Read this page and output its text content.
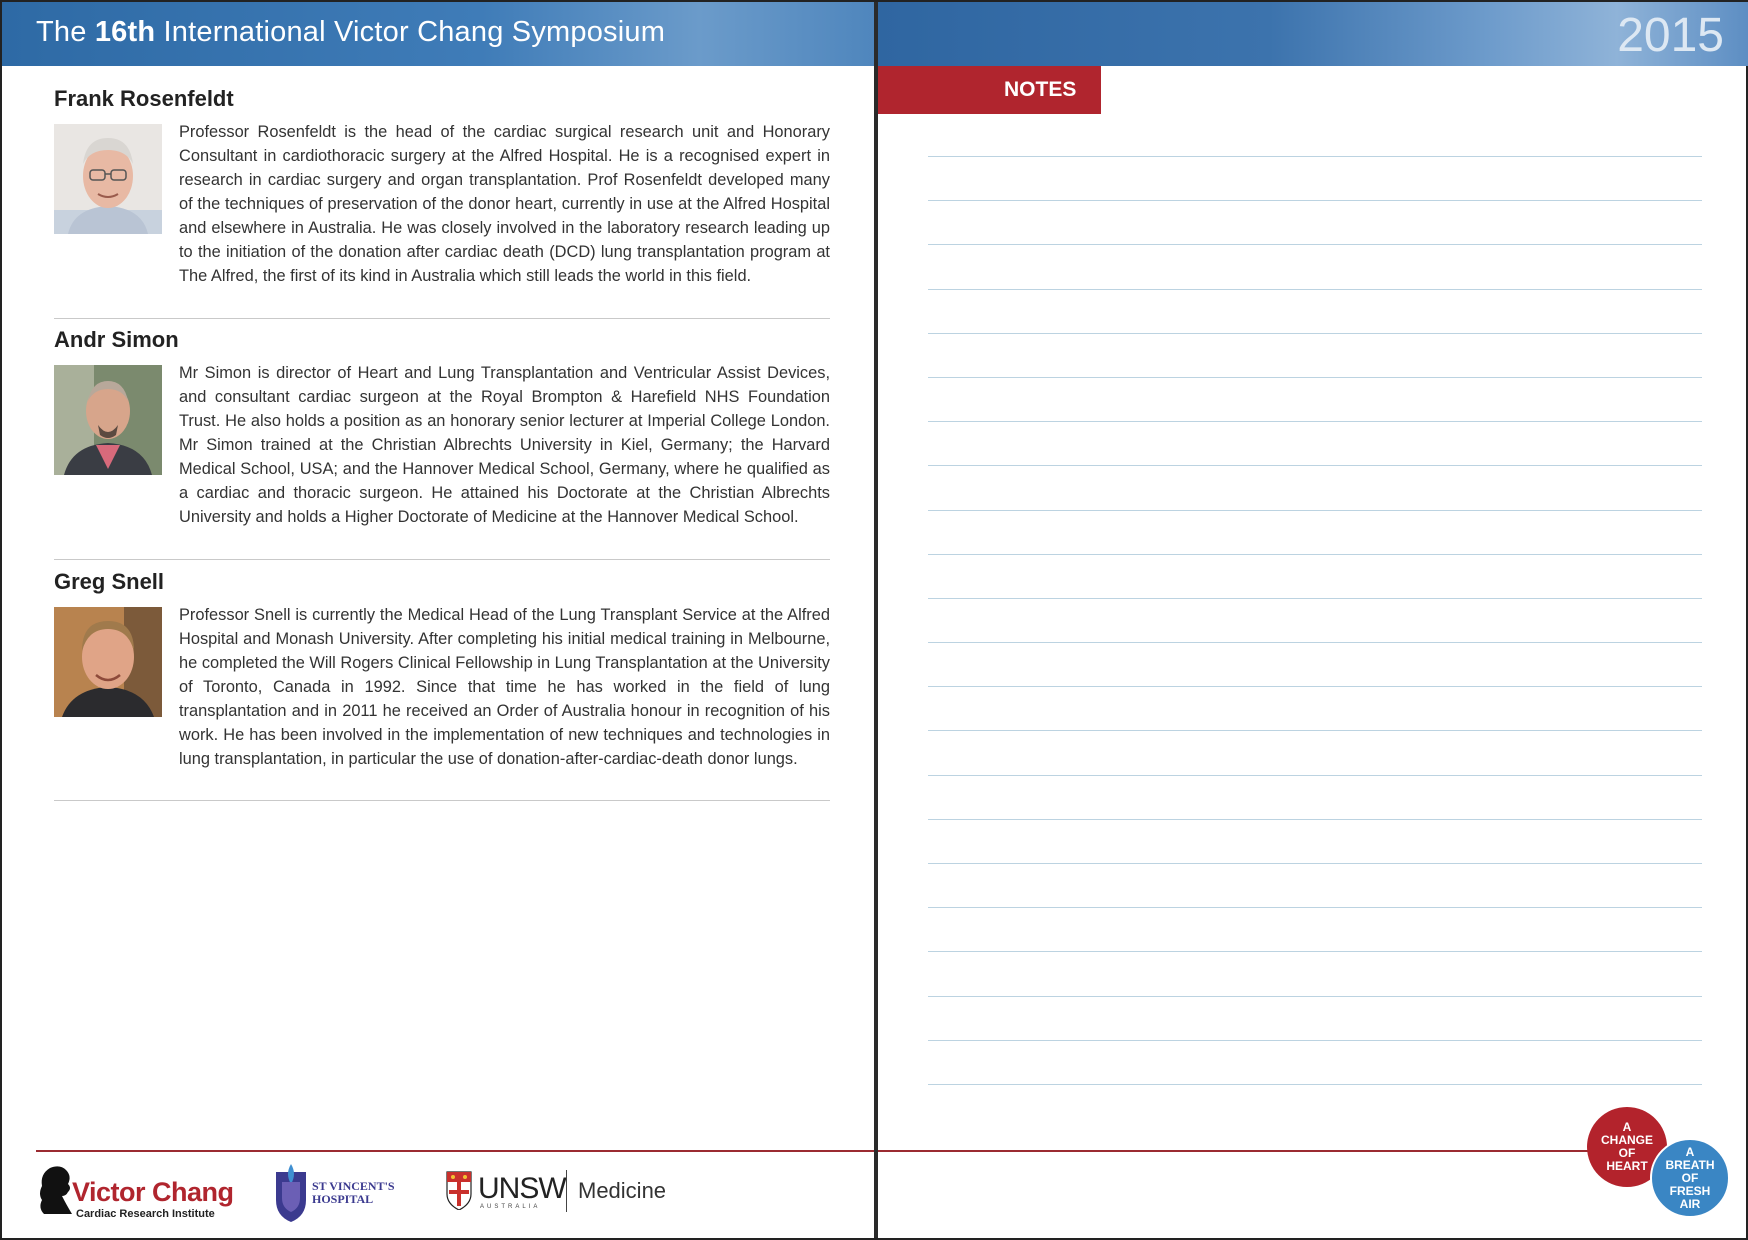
The 16th International Victor Chang Symposium
Frank Rosenfeldt

Professor Rosenfeldt is the head of the cardiac surgical research unit and Honorary Consultant in cardiothoracic surgery at the Alfred Hospital. He is a recognised expert in research in cardiac surgery and organ transplantation. Prof Rosenfeldt developed many of the techniques of preservation of the donor heart, currently in use at the Alfred Hospital and elsewhere in Australia. He was closely involved in the laboratory research leading up to the initiation of the donation after cardiac death (DCD) lung transplantation program at The Alfred, the first of its kind in Australia which still leads the world in this field.

Andr Simon

Mr Simon is director of Heart and Lung Transplantation and Ventricular Assist Devices, and consultant cardiac surgeon at the Royal Brompton & Harefield NHS Foundation Trust. He also holds a position as an honorary senior lecturer at Imperial College London. Mr Simon trained at the Christian Albrechts University in Kiel, Germany; the Harvard Medical School, USA; and the Hannover Medical School, Germany, where he qualified as a cardiac and thoracic surgeon. He attained his Doctorate at the Christian Albrechts University and holds a Higher Doctorate of Medicine at the Hannover Medical School.

Greg Snell

Professor Snell is currently the Medical Head of the Lung Transplant Service at the Alfred Hospital and Monash University. After completing his initial medical training in Melbourne, he completed the Will Rogers Clinical Fellowship in Lung Transplantation at the University of Toronto, Canada in 1992. Since that time he has worked in the field of lung transplantation and in 2011 he received an Order of Australia honour in recognition of his work. He has been involved in the implementation of new techniques and technologies in lung transplantation, in particular the use of donation-after-cardiac-death donor lungs.

Victor Chang
Cardiac Research Institute
ST VINCENT'S
HOSPITAL	UNSW
AUSTRALIA
Medicine
2015
NOTES
A
CHANGE
OF
HEART
A
BREATH
OF
FRESH
AIR
